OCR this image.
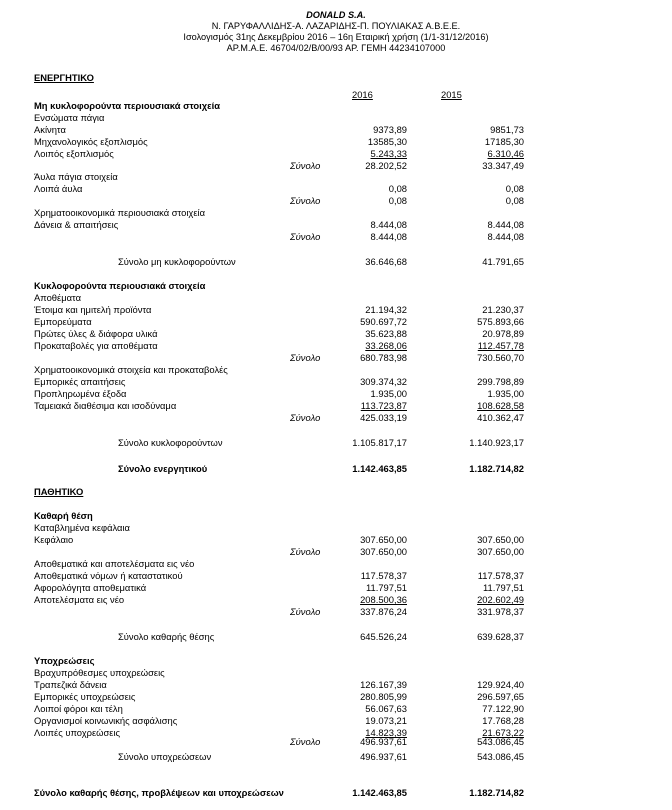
DONALD S.A.
Ν. ΓΑΡΥΦΑΛΛΙΔΗΣ-Α. ΛΑΖΑΡΙΔΗΣ-Π. ΠΟΥΛΙΑΚΑΣ Α.Β.Ε.Ε.
Ισολογισμός 31ης Δεκεμβρίου 2016 – 16η Εταιρική χρήση (1/1-31/12/2016)
ΑΡ.Μ.Α.Ε. 46704/02/Β/00/93 ΑΡ. ΓΕΜΗ 44234107000
ΕΝΕΡΓΗΤΙΚΟ
2016	2015
Μη κυκλοφορούντα περιουσιακά στοιχεία
Ενσώματα πάγια
Ακίνητα	9373,89	9851,73
Μηχανολογικός εξοπλισμός	13585,30	17185,30
Λοιπός εξοπλισμός	5.243,33	6.310,46
Σύνολο	28.202,52	33.347,49
Άυλα πάγια στοιχεία
Λοιπά άυλα	0,08	0,08
Σύνολο	0,08	0,08
Χρηματοοικονομικά περιουσιακά στοιχεία
Δάνεια & απαιτήσεις	8.444,08	8.444,08
Σύνολο	8.444,08	8.444,08
Σύνολο μη κυκλοφορούντων	36.646,68	41.791,65
Κυκλοφορούντα περιουσιακά στοιχεία
Αποθέματα
Έτοιμα και ημιτελή προϊόντα	21.194,32	21.230,37
Εμπορεύματα	590.697,72	575.893,66
Πρώτες ύλες & διάφορα υλικά	35.623,88	20.978,89
Προκαταβολές για αποθέματα	33.268,06	112.457,78
Σύνολο	680.783,98	730.560,70
Χρηματοοικονομικά στοιχεία και προκαταβολές
Εμπορικές απαιτήσεις	309.374,32	299.798,89
Προπληρωμένα έξοδα	1.935,00	1.935,00
Ταμειακά διαθέσιμα και ισοδύναμα	113.723,87	108.628,58
Σύνολο	425.033,19	410.362,47
Σύνολο κυκλοφορούντων	1.105.817,17	1.140.923,17
Σύνολο ενεργητικού	1.142.463,85	1.182.714,82
ΠΑΘΗΤΙΚΟ
Καθαρή θέση
Καταβλημένα κεφάλαια
Κεφάλαιο	307.650,00	307.650,00
Σύνολο	307.650,00	307.650,00
Αποθεματικά και αποτελέσματα εις νέο
Αποθεματικά νόμων ή καταστατικού	117.578,37	117.578,37
Αφορολόγητα αποθεματικά	11.797,51	11.797,51
Αποτελέσματα εις νέο	208.500,36	202.602,49
Σύνολο	337.876,24	331.978,37
Σύνολο καθαρής θέσης	645.526,24	639.628,37
Υποχρεώσεις
Βραχυπρόθεσμες υποχρεώσεις
Τραπεζικά δάνεια	126.167,39	129.924,40
Εμπορικές υποχρεώσεις	280.805,99	296.597,65
Λοιποί φόροι και τέλη	56.067,63	77.122,90
Οργανισμοί κοινωνικής ασφάλισης	19.073,21	17.768,28
Λοιπές υποχρεώσεις	14.823,39	21.673,22
Σύνολο	496.937,61	543.086,45
Σύνολο υποχρεώσεων	496.937,61	543.086,45
Σύνολο καθαρής θέσης, προβλέψεων και υποχρεώσεων	1.142.463,85	1.182.714,82
